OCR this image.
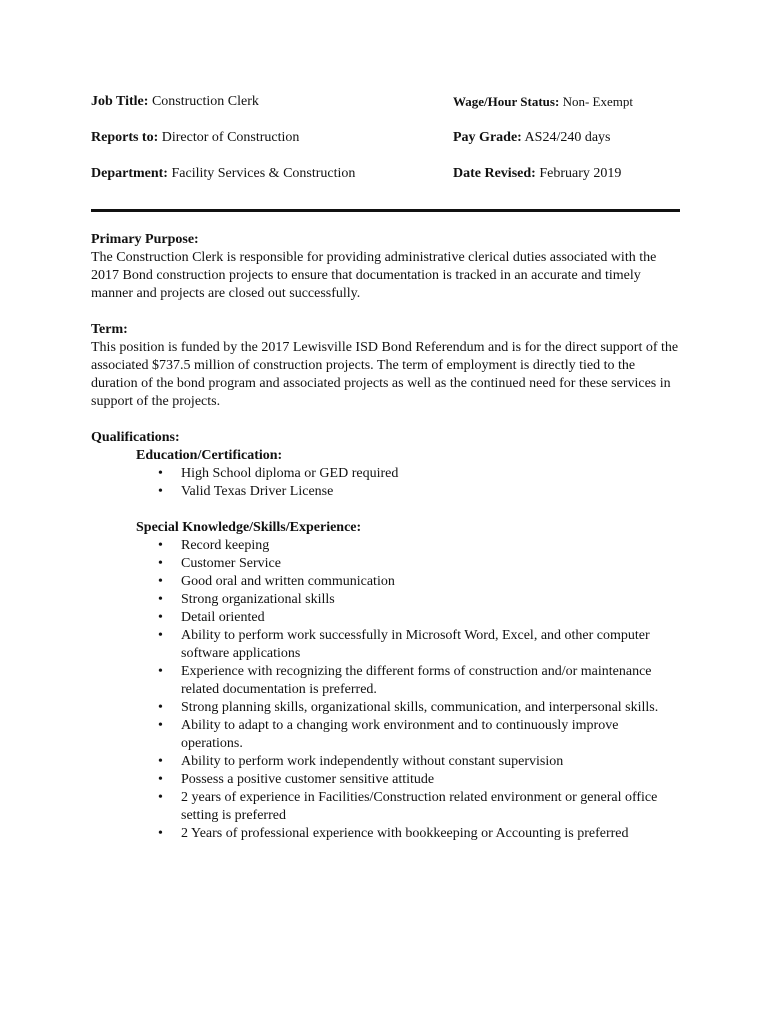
Job Title: Construction Clerk	Wage/Hour Status: Non- Exempt
Reports to: Director of Construction	Pay Grade: AS24/240 days
Department: Facility Services & Construction	Date Revised: February 2019
Primary Purpose:
The Construction Clerk is responsible for providing administrative clerical duties associated with the 2017 Bond construction projects to ensure that documentation is tracked in an accurate and timely manner and projects are closed out successfully.
Term:
This position is funded by the 2017 Lewisville ISD Bond Referendum and is for the direct support of the associated $737.5 million of construction projects. The term of employment is directly tied to the duration of the bond program and associated projects as well as the continued need for these services in support of the projects.
Qualifications:
Education/Certification:
• High School diploma or GED required
• Valid Texas Driver License
Special Knowledge/Skills/Experience:
• Record keeping
• Customer Service
• Good oral and written communication
• Strong organizational skills
• Detail oriented
• Ability to perform work successfully in Microsoft Word, Excel, and other computer software applications
• Experience with recognizing the different forms of construction and/or maintenance related documentation is preferred.
• Strong planning skills, organizational skills, communication, and interpersonal skills.
• Ability to adapt to a changing work environment and to continuously improve operations.
• Ability to perform work independently without constant supervision
• Possess a positive customer sensitive attitude
• 2 years of experience in Facilities/Construction related environment or general office setting is preferred
• 2 Years of professional experience with bookkeeping or Accounting is preferred
